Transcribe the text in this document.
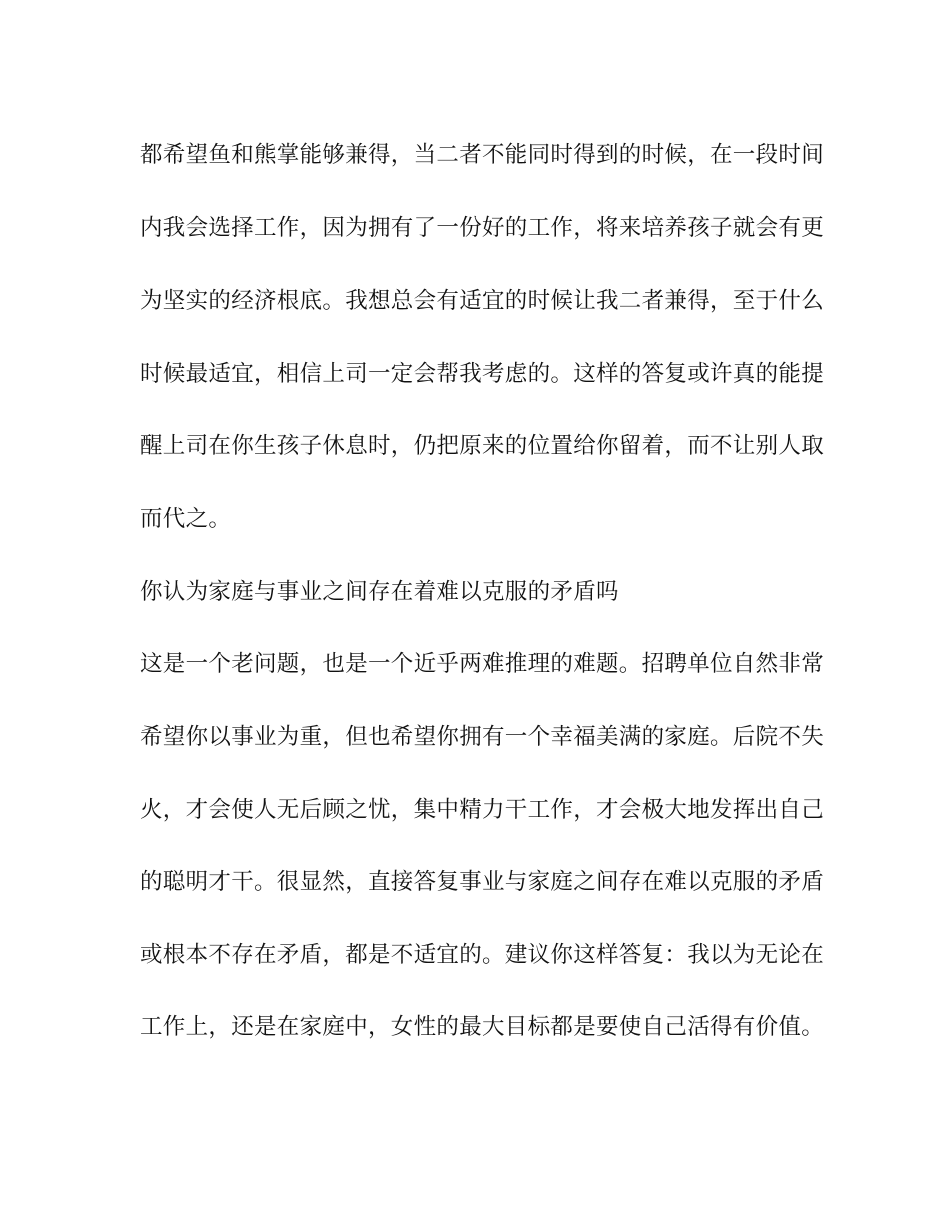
都希望鱼和熊掌能够兼得，当二者不能同时得到的时候，在一段时间
内我会选择工作，因为拥有了一份好的工作，将来培养孩子就会有更
为坚实的经济根底。我想总会有适宜的时候让我二者兼得，至于什么
时候最适宜，相信上司一定会帮我考虑的。这样的答复或许真的能提
醒上司在你生孩子休息时，仍把原来的位置给你留着，而不让别人取
而代之。
你认为家庭与事业之间存在着难以克服的矛盾吗
这是一个老问题，也是一个近乎两难推理的难题。招聘单位自然非常
希望你以事业为重，但也希望你拥有一个幸福美满的家庭。后院不失
火，才会使人无后顾之忧，集中精力干工作，才会极大地发挥出自己
的聪明才干。很显然，直接答复事业与家庭之间存在难以克服的矛盾
或根本不存在矛盾，都是不适宜的。建议你这样答复：我以为无论在
工作上，还是在家庭中，女性的最大目标都是要使自己活得有价值。
